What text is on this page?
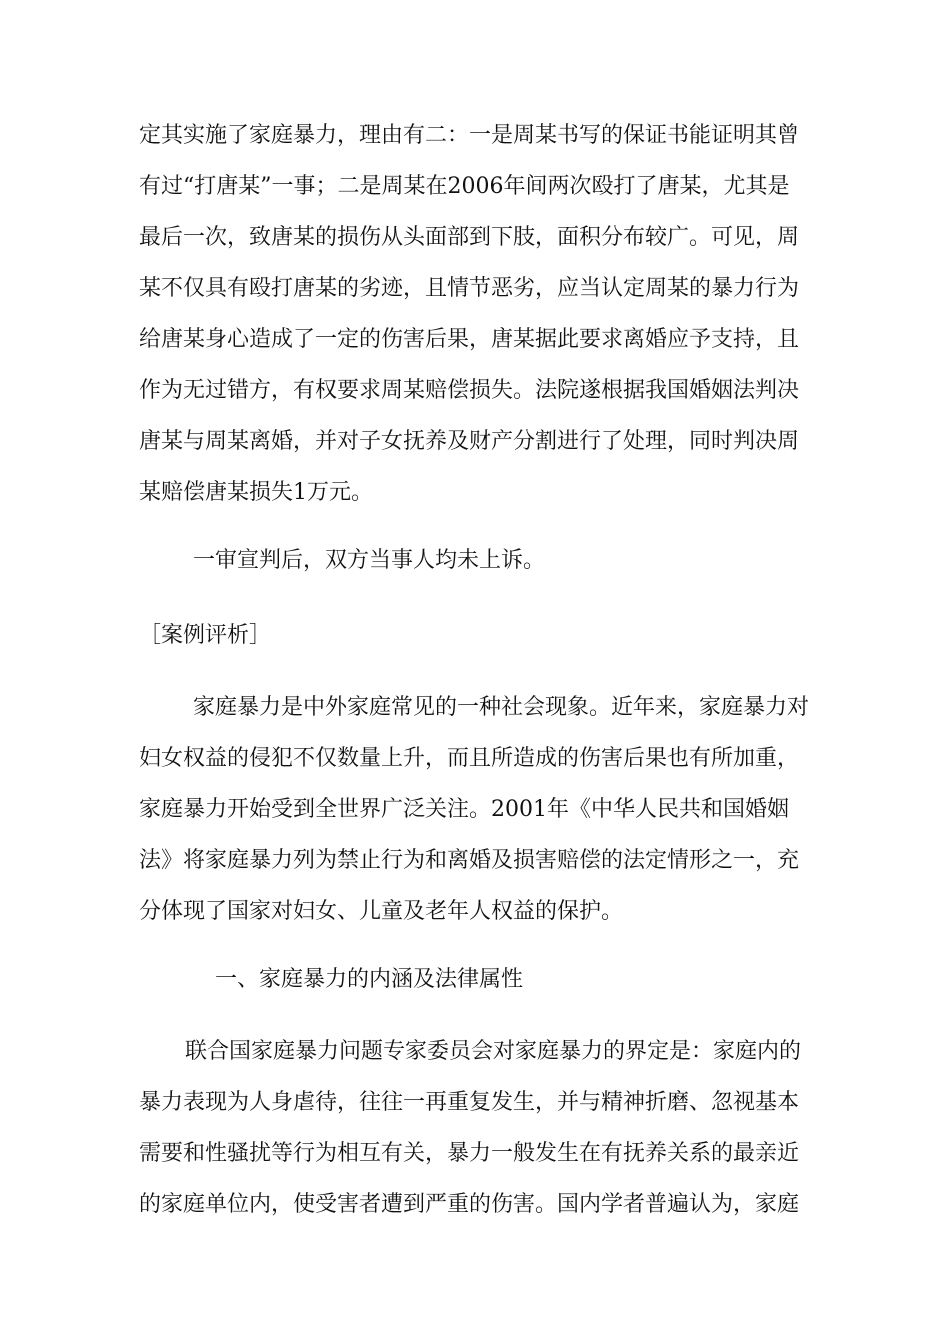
定其实施了家庭暴力，理由有二：一是周某书写的保证书能证明其曾
有过“打唐某”一事；二是周某在2006年间两次殴打了唐某，尤其是
最后一次，致唐某的损伤从头面部到下肢，面积分布较广。可见，周
某不仅具有殴打唐某的劣迹，且情节恶劣，应当认定周某的暴力行为
给唐某身心造成了一定的伤害后果，唐某据此要求离婚应予支持，且
作为无过错方，有权要求周某赔偿损失。法院遂根据我国婚姻法判决
唐某与周某离婚，并对子女抚养及财产分割进行了处理，同时判决周
某赔偿唐某损失1万元。
一审宣判后，双方当事人均未上诉。
［案例评析］
家庭暴力是中外家庭常见的一种社会现象。近年来，家庭暴力对
妇女权益的侵犯不仅数量上升，而且所造成的伤害后果也有所加重，
家庭暴力开始受到全世界广泛关注。2001年《中华人民共和国婚姻
法》将家庭暴力列为禁止行为和离婚及损害赔偿的法定情形之一，充
分体现了国家对妇女、儿童及老年人权益的保护。
一、家庭暴力的内涵及法律属性
联合国家庭暴力问题专家委员会对家庭暴力的界定是：家庭内的
暴力表现为人身虐待，往往一再重复发生，并与精神折磨、忽视基本
需要和性骚扰等行为相互有关，暴力一般发生在有抚养关系的最亲近
的家庭单位内，使受害者遭到严重的伤害。国内学者普遍认为，家庭
